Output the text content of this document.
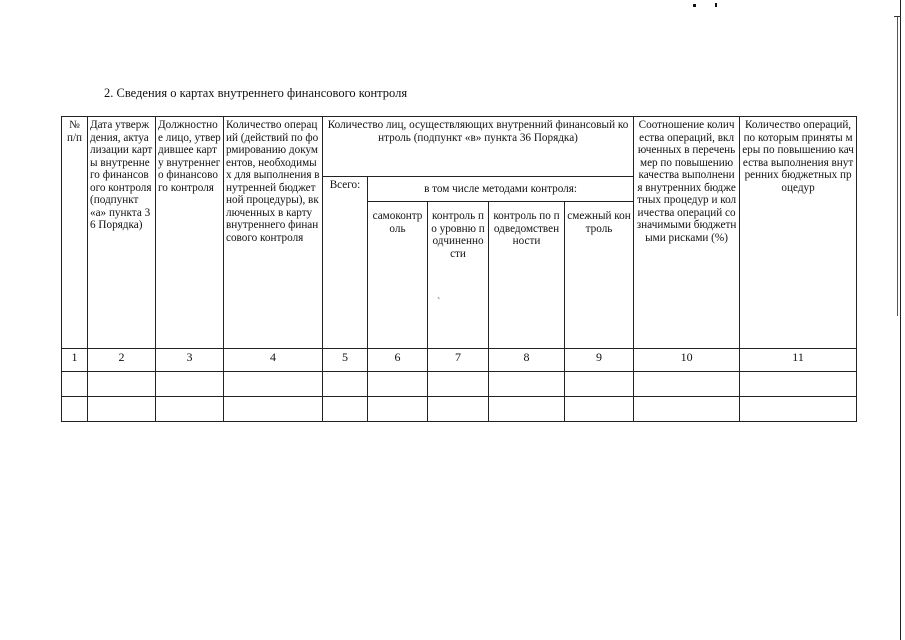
2. Сведения о картах внутреннего финансового контроля
№ п/п	Дата утверждения, актуализации карты внутреннего финансового контроля (подпункт «а» пункта 36 Порядка)	Должностное лицо, утвердившее карту внутреннего финансового контроля	Количество операций (действий по формированию документов, необходимых для выполнения внутренней бюджетной процедуры), включенных в карту внутреннего финансового контроля	Количество лиц, осуществляющих внутренний финансовый контроль (подпункт «в» пункта 36 Порядка)					Соотношение количества операций, включенных в перечень мер по повышению качества выполнения внутренних бюджетных процедур и количества операций со значимыми бюджетными рисками (%)	Количество операций, по которым приняты меры по повышению качества выполнения внутренних бюджетных процедур
				Всего:	в том числе методами контроля:					
					самоконтроль	контроль по уровню подчиненности	контроль по подведомственности	смежный контроль		
1	2	3	4	5	6	7	8	9	10	11

`
